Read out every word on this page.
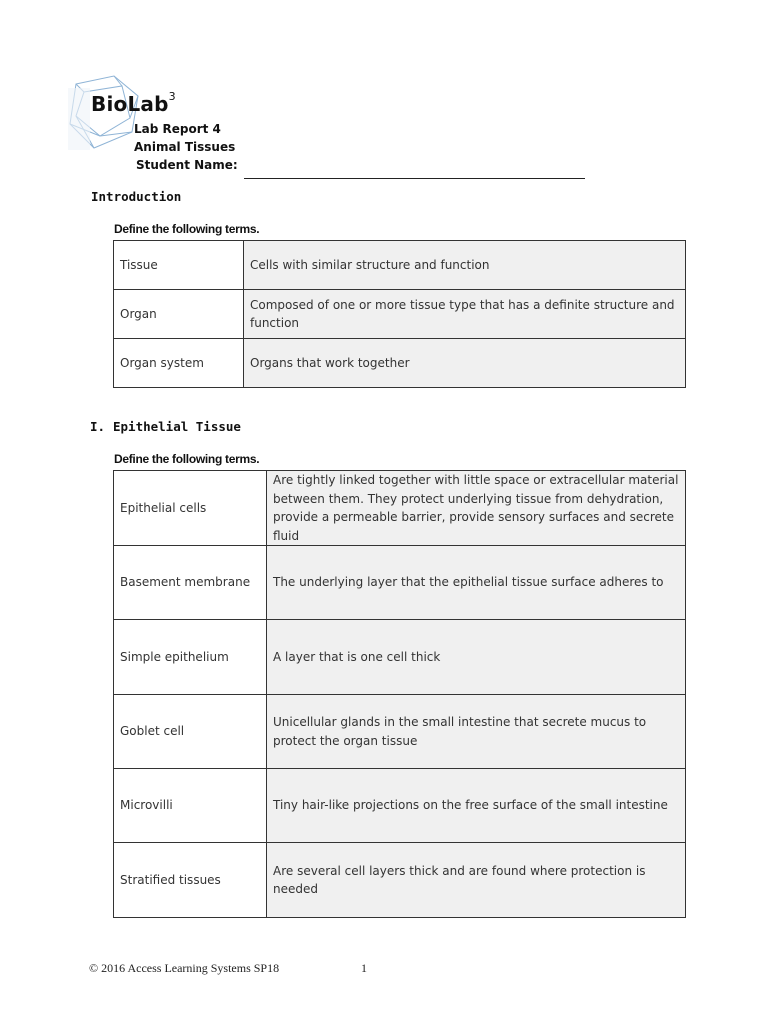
BioLab$^3$
Lab Report 4
Animal Tissues
Student Name:
Introduction
Define the following terms.
Tissue	Cells with similar structure and function
Organ	Composed of one or more tissue type that has a definite structure and function
Organ system	Organs that work together
I. Epithelial Tissue
Define the following terms.
Epithelial cells	Are tightly linked together with little space or extracellular material between them. They protect underlying tissue from dehydration, provide a permeable barrier, provide sensory surfaces and secrete fluid
Basement membrane	The underlying layer that the epithelial tissue surface adheres to
Simple epithelium	A layer that is one cell thick
Goblet cell	Unicellular glands in the small intestine that secrete mucus to protect the organ tissue
Microvilli	Tiny hair-like projections on the free surface of the small intestine
Stratified tissues	Are several cell layers thick and are found where protection is needed
© 2016 Access Learning Systems SP18	1
